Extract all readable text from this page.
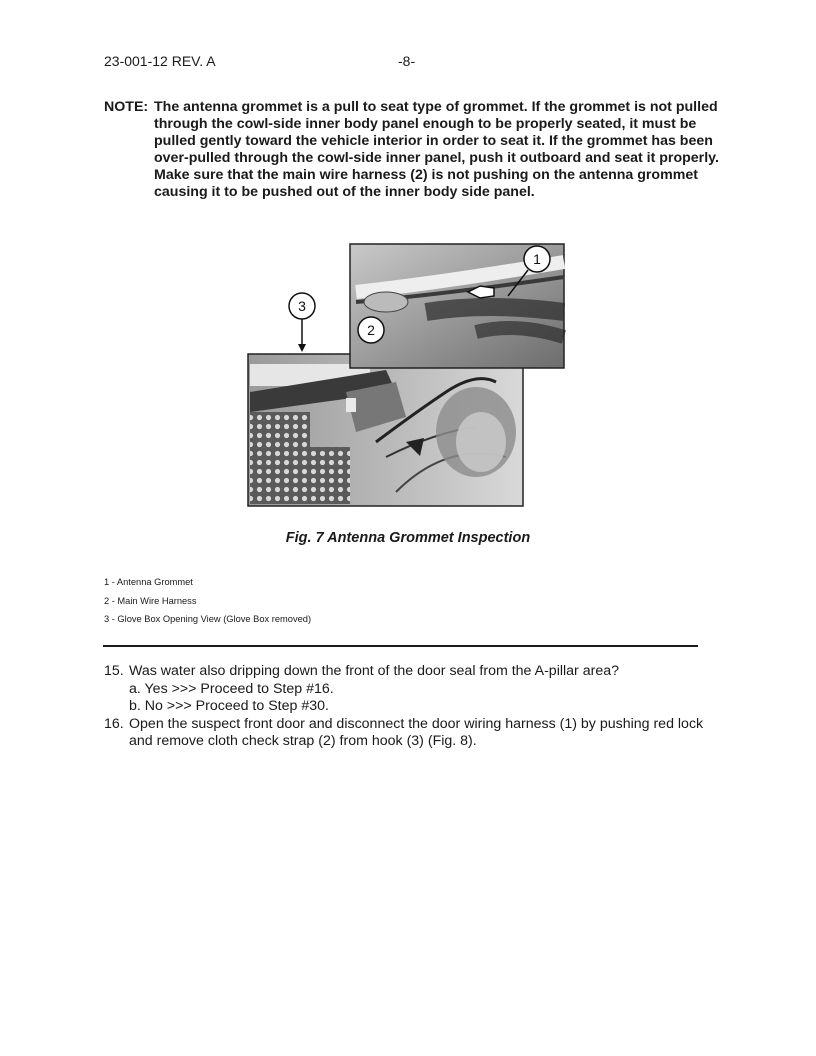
23-001-12 REV. A	-8-
NOTE: The antenna grommet is a pull to seat type of grommet. If the grommet is not pulled through the cowl-side inner body panel enough to be properly seated, it must be pulled gently toward the vehicle interior in order to seat it. If the grommet has been over-pulled through the cowl-side inner panel, push it outboard and seat it properly. Make sure that the main wire harness (2) is not pushing on the antenna grommet causing it to be pushed out of the inner body side panel.
3
1
2
Fig. 7 Antenna Grommet Inspection
1 - Antenna Grommet
2 - Main Wire Harness
3 - Glove Box Opening View (Glove Box removed)
15. Was water also dripping down the front of the door seal from the A-pillar area?
a. Yes >>> Proceed to Step #16.
b. No >>> Proceed to Step #30.
16. Open the suspect front door and disconnect the door wiring harness (1) by pushing red lock and remove cloth check strap (2) from hook (3) (Fig. 8).
